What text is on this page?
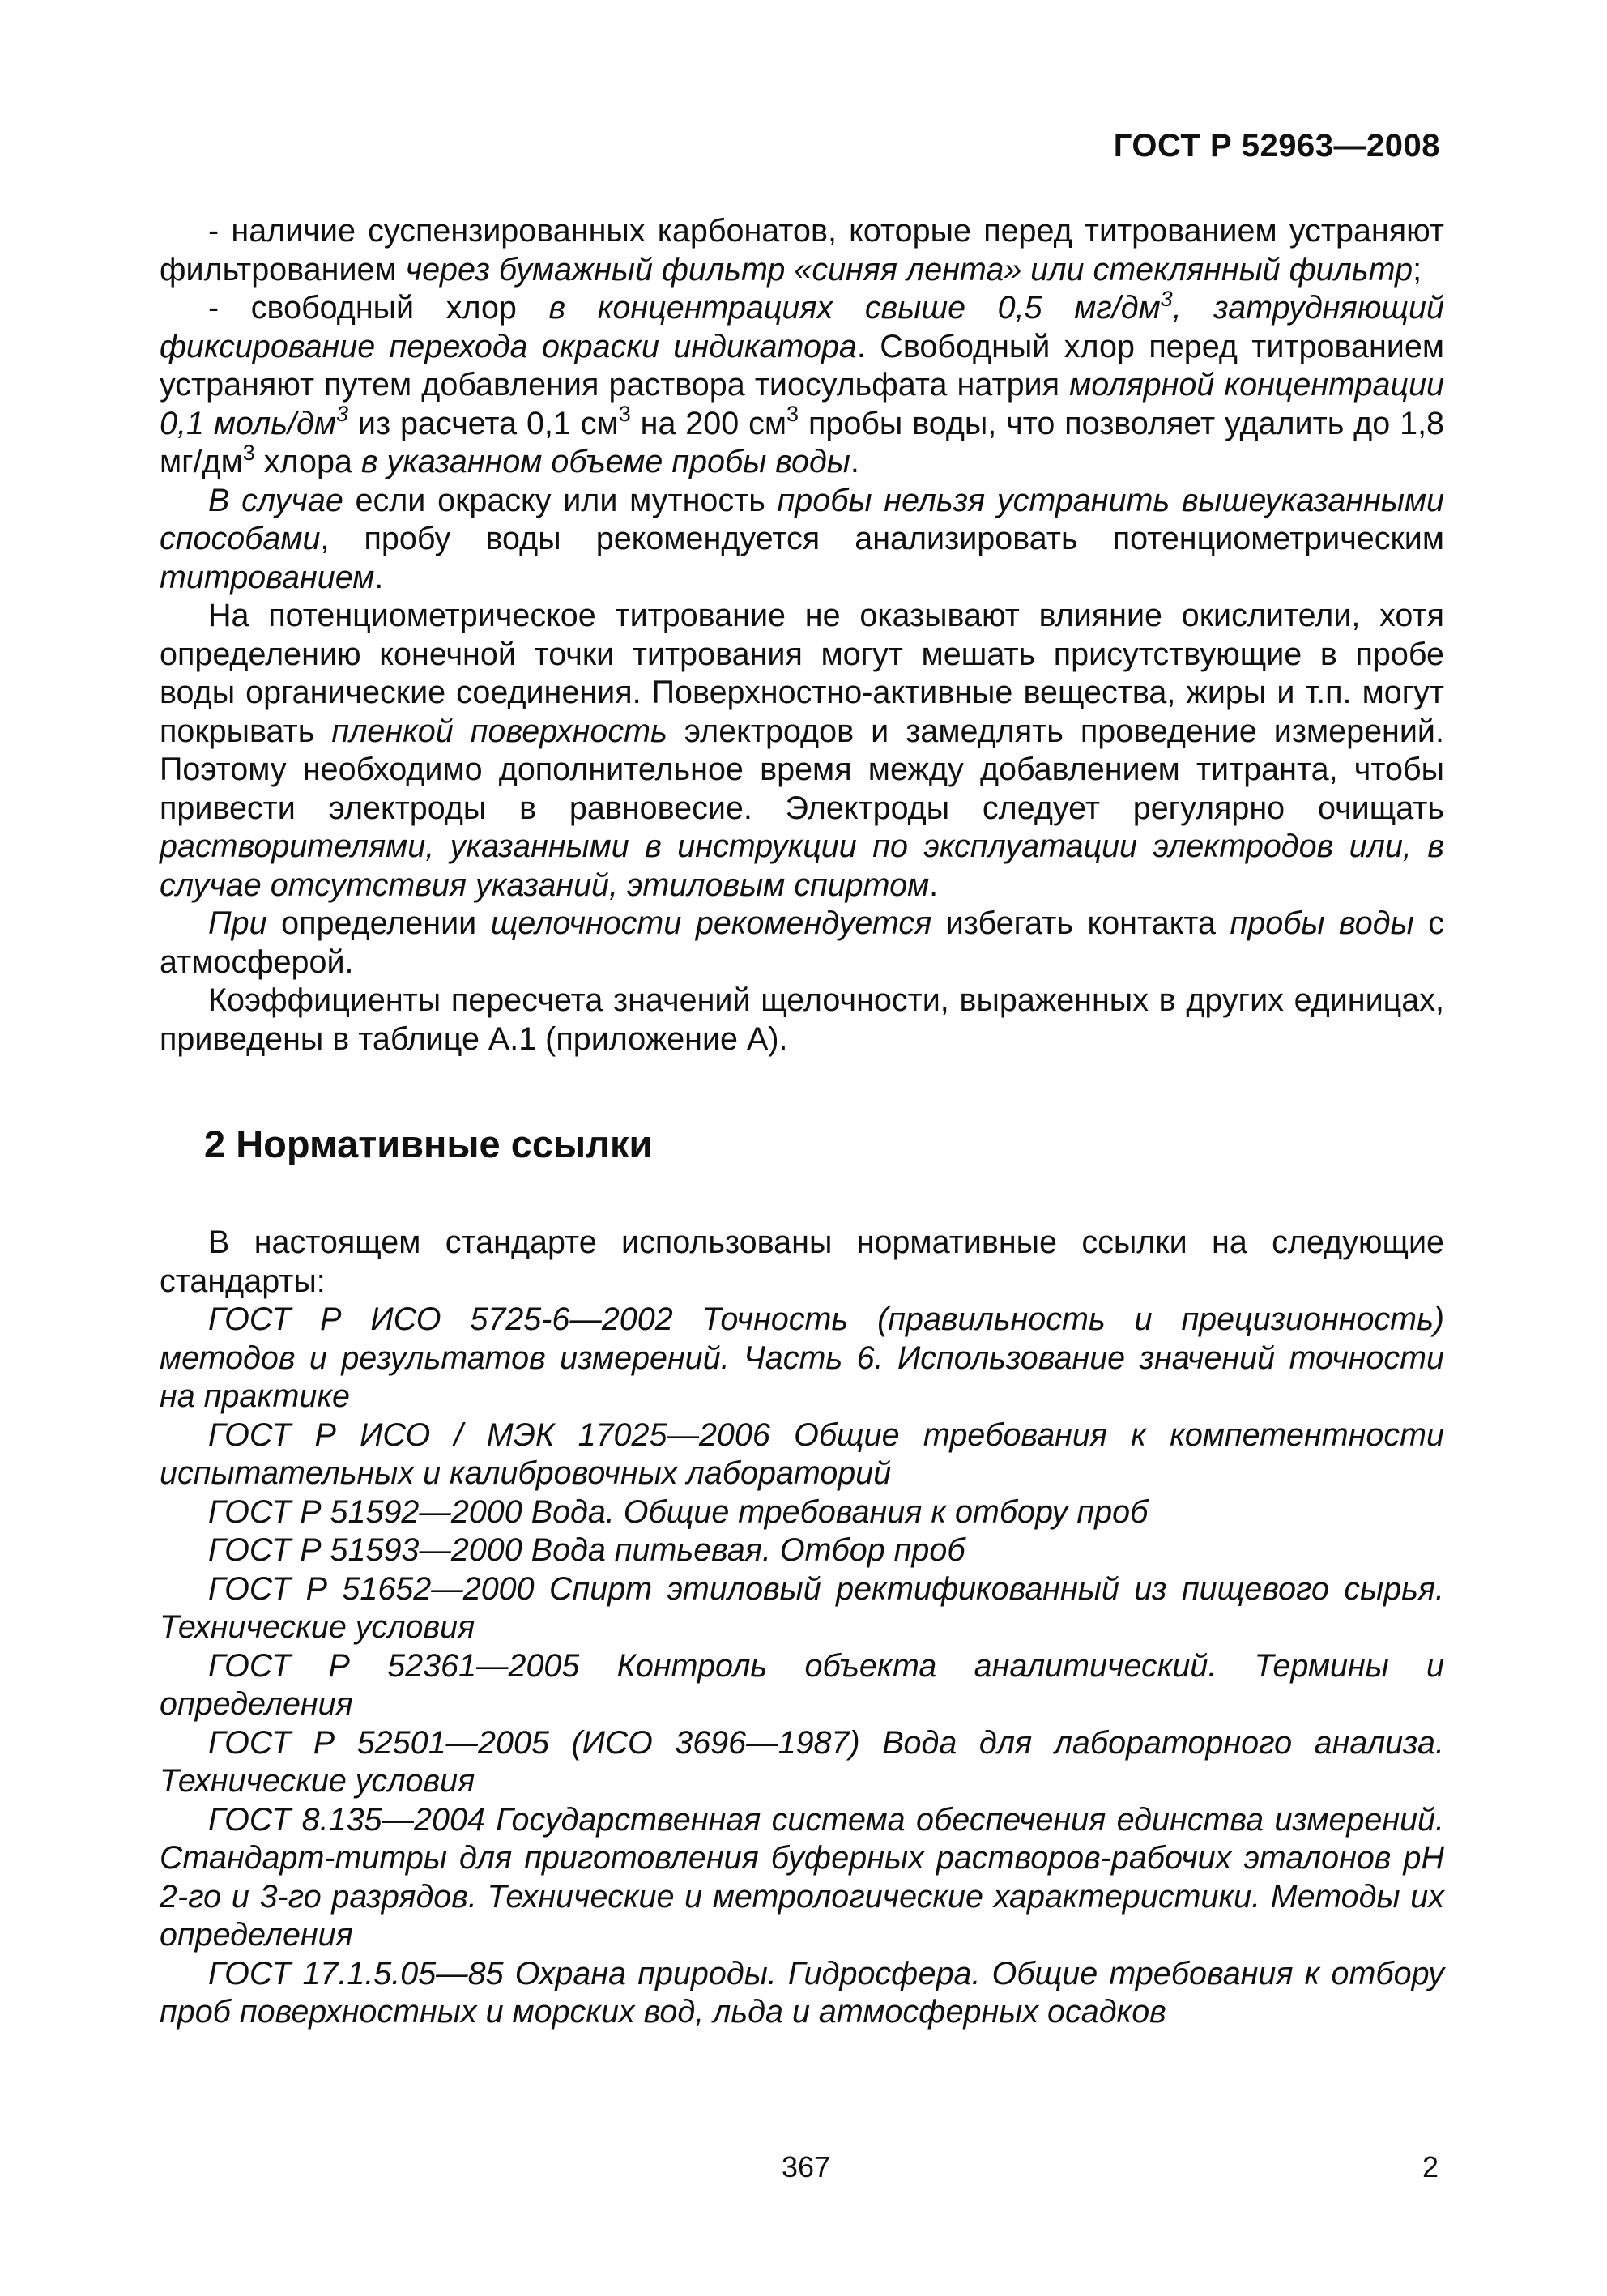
ГОСТ Р 52963—2008

- наличие суспензированных карбонатов, которые перед титрованием устраняют фильтрованием через бумажный фильтр «синяя лента» или стеклянный фильтр;

- свободный хлор в концентрациях свыше 0,5 $мг/дм^3$, затрудняющий фиксирование перехода окраски индикатора. Свободный хлор перед титрованием устраняют путем добавления раствора тиосульфата натрия молярной концентрации 0,1 моль/$дм^3$ из расчета 0,1 $см^3$ на 200 $см^3$ пробы воды, что позволяет удалить до 1,8 $мг/дм^3$ хлора в указанном объеме пробы воды.

В случае если окраску или мутность пробы нельзя устранить вышеуказанными способами, пробу воды рекомендуется анализировать потенциометрическим титрованием.

На потенциометрическое титрование не оказывают влияние окислители, хотя определению конечной точки титрования могут мешать присутствующие в пробе воды органические соединения. Поверхностно-активные вещества, жиры и т.п. могут покрывать пленкой поверхность электродов и замедлять проведение измерений. Поэтому необходимо дополнительное время между добавлением титранта, чтобы привести электроды в равновесие. Электроды следует регулярно очищать растворителями, указанными в инструкции по эксплуатации электродов или, в случае отсутствия указаний, этиловым спиртом.

При определении щелочности рекомендуется избегать контакта пробы воды с атмосферой.

Коэффициенты пересчета значений щелочности, выраженных в других единицах, приведены в таблице А.1 (приложение А).

2 Нормативные ссылки

В настоящем стандарте использованы нормативные ссылки на следующие стандарты:

ГОСТ Р ИСО 5725-6—2002 Точность (правильность и прецизионность) методов и результатов измерений. Часть 6. Использование значений точности на практике

ГОСТ Р ИСО / МЭК 17025—2006 Общие требования к компетентности испытательных и калибровочных лабораторий

ГОСТ Р 51592—2000 Вода. Общие требования к отбору проб

ГОСТ Р 51593—2000 Вода питьевая. Отбор проб

ГОСТ Р 51652—2000 Спирт этиловый ректификованный из пищевого сырья. Технические условия

ГОСТ Р 52361—2005 Контроль объекта аналитический. Термины и определения

ГОСТ Р 52501—2005 (ИСО 3696—1987) Вода для лабораторного анализа. Технические условия

ГОСТ 8.135—2004 Государственная система обеспечения единства измерений. Стандарт-титры для приготовления буферных растворов-рабочих эталонов pH 2-го и 3-го разрядов. Технические и метрологические характеристики. Методы их определения

ГОСТ 17.1.5.05—85 Охрана природы. Гидросфера. Общие требования к отбору проб поверхностных и морских вод, льда и атмосферных осадков

367	2
